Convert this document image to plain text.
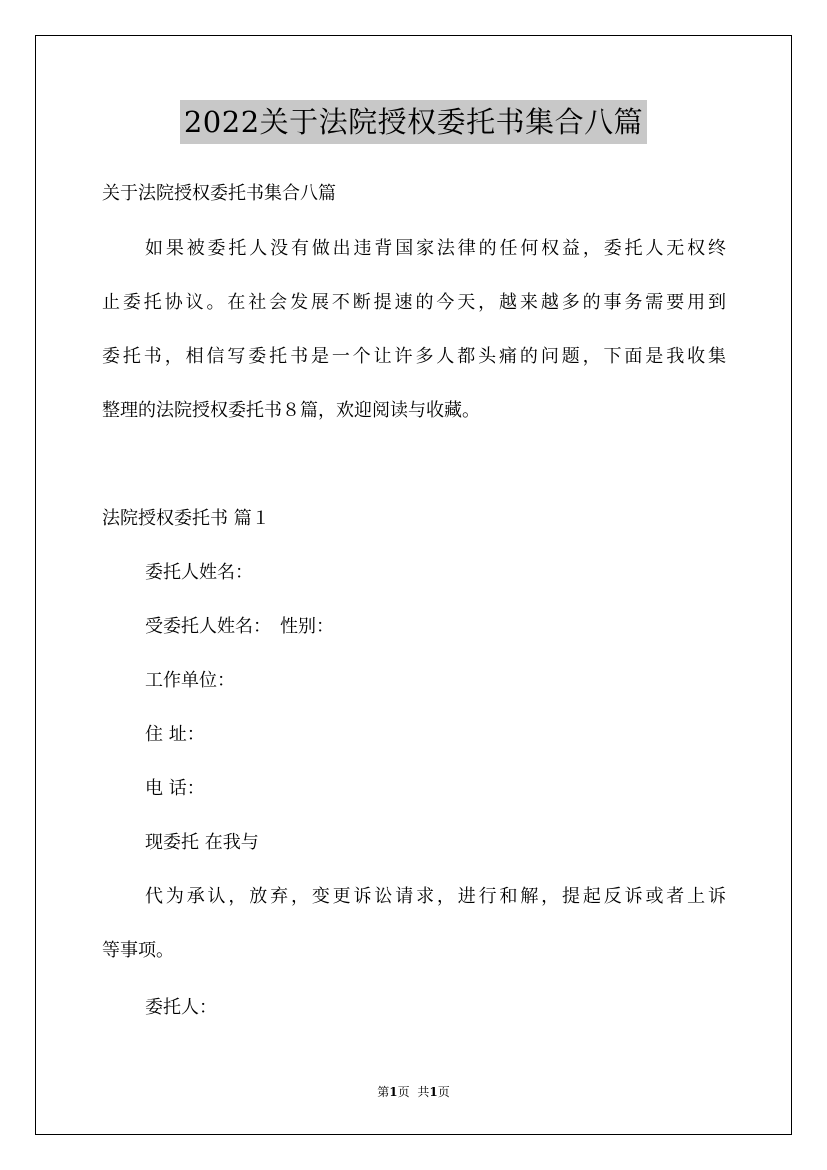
2022关于法院授权委托书集合八篇
关于法院授权委托书集合八篇
如果被委托人没有做出违背国家法律的任何权益，委托人无权终
止委托协议。在社会发展不断提速的今天，越来越多的事务需要用到
委托书，相信写委托书是一个让许多人都头痛的问题，下面是我收集
整理的法院授权委托书８篇，欢迎阅读与收藏。
法院授权委托书 篇１
委托人姓名：
受委托人姓名：　性别：
工作单位：
住 址：
电 话：
现委托 在我与
代为承认，放弃，变更诉讼请求，进行和解，提起反诉或者上诉
等事项。
委托人：
第1页 共1页
